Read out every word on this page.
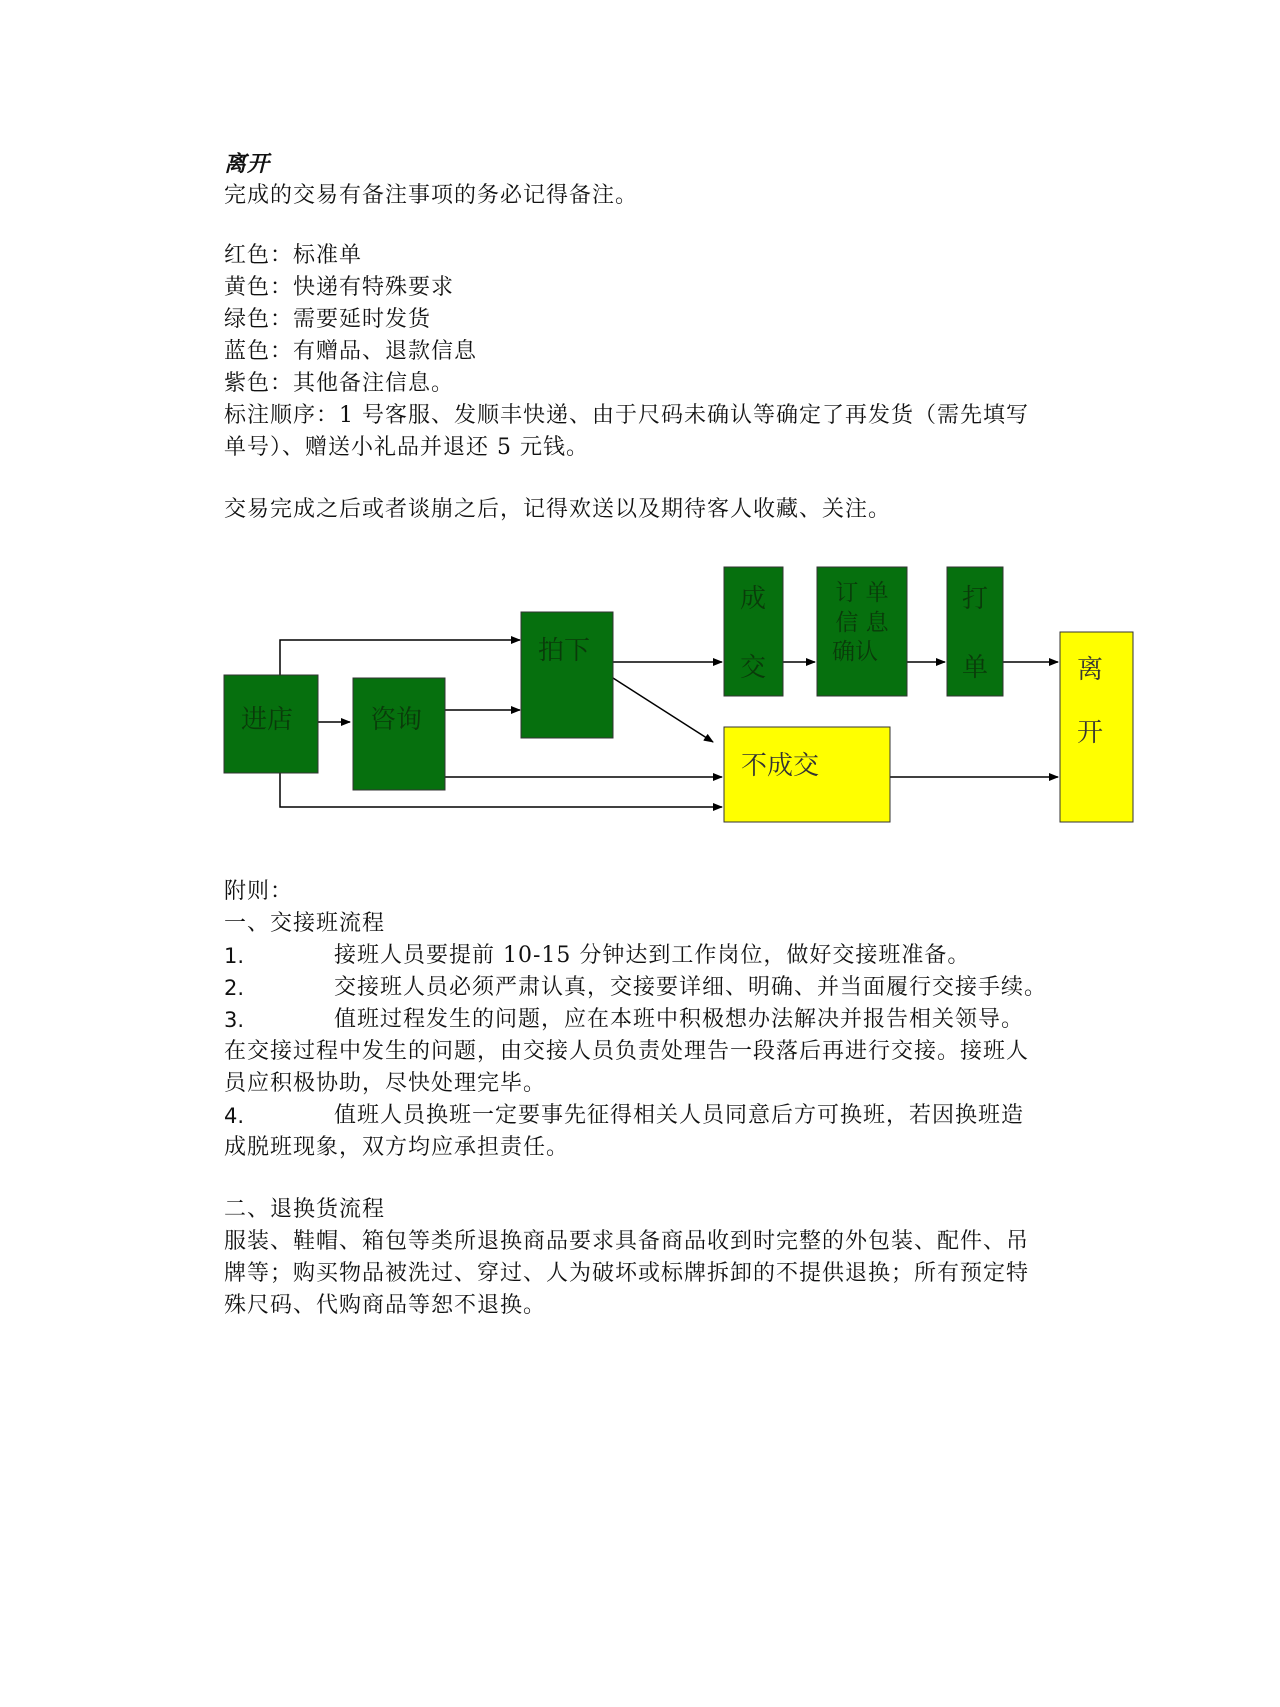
离开
完成的交易有备注事项的务必记得备注。
红色：标准单
黄色：快递有特殊要求
绿色：需要延时发货
蓝色：有赠品、退款信息
紫色：其他备注信息。
标注顺序：1 号客服、发顺丰快递、由于尺码未确认等确定了再发货（需先填写
单号）、赠送小礼品并退还 5 元钱。
交易完成之后或者谈崩之后，记得欢送以及期待客人收藏、关注。
进店	咨询
拍下
成
交
订 单
信 息
确认
打
单
不成交
离
开
附则：
一、交接班流程
1.	接班人员要提前 10-15 分钟达到工作岗位，做好交接班准备。
2.	交接班人员必须严肃认真，交接要详细、明确、并当面履行交接手续。
3.	值班过程发生的问题，应在本班中积极想办法解决并报告相关领导。
在交接过程中发生的问题，由交接人员负责处理告一段落后再进行交接。接班人
员应积极协助，尽快处理完毕。
4.	值班人员换班一定要事先征得相关人员同意后方可换班，若因换班造
成脱班现象，双方均应承担责任。
二、退换货流程
服装、鞋帽、箱包等类所退换商品要求具备商品收到时完整的外包装、配件、吊
牌等；购买物品被洗过、穿过、人为破坏或标牌拆卸的不提供退换；所有预定特
殊尺码、代购商品等恕不退换。
